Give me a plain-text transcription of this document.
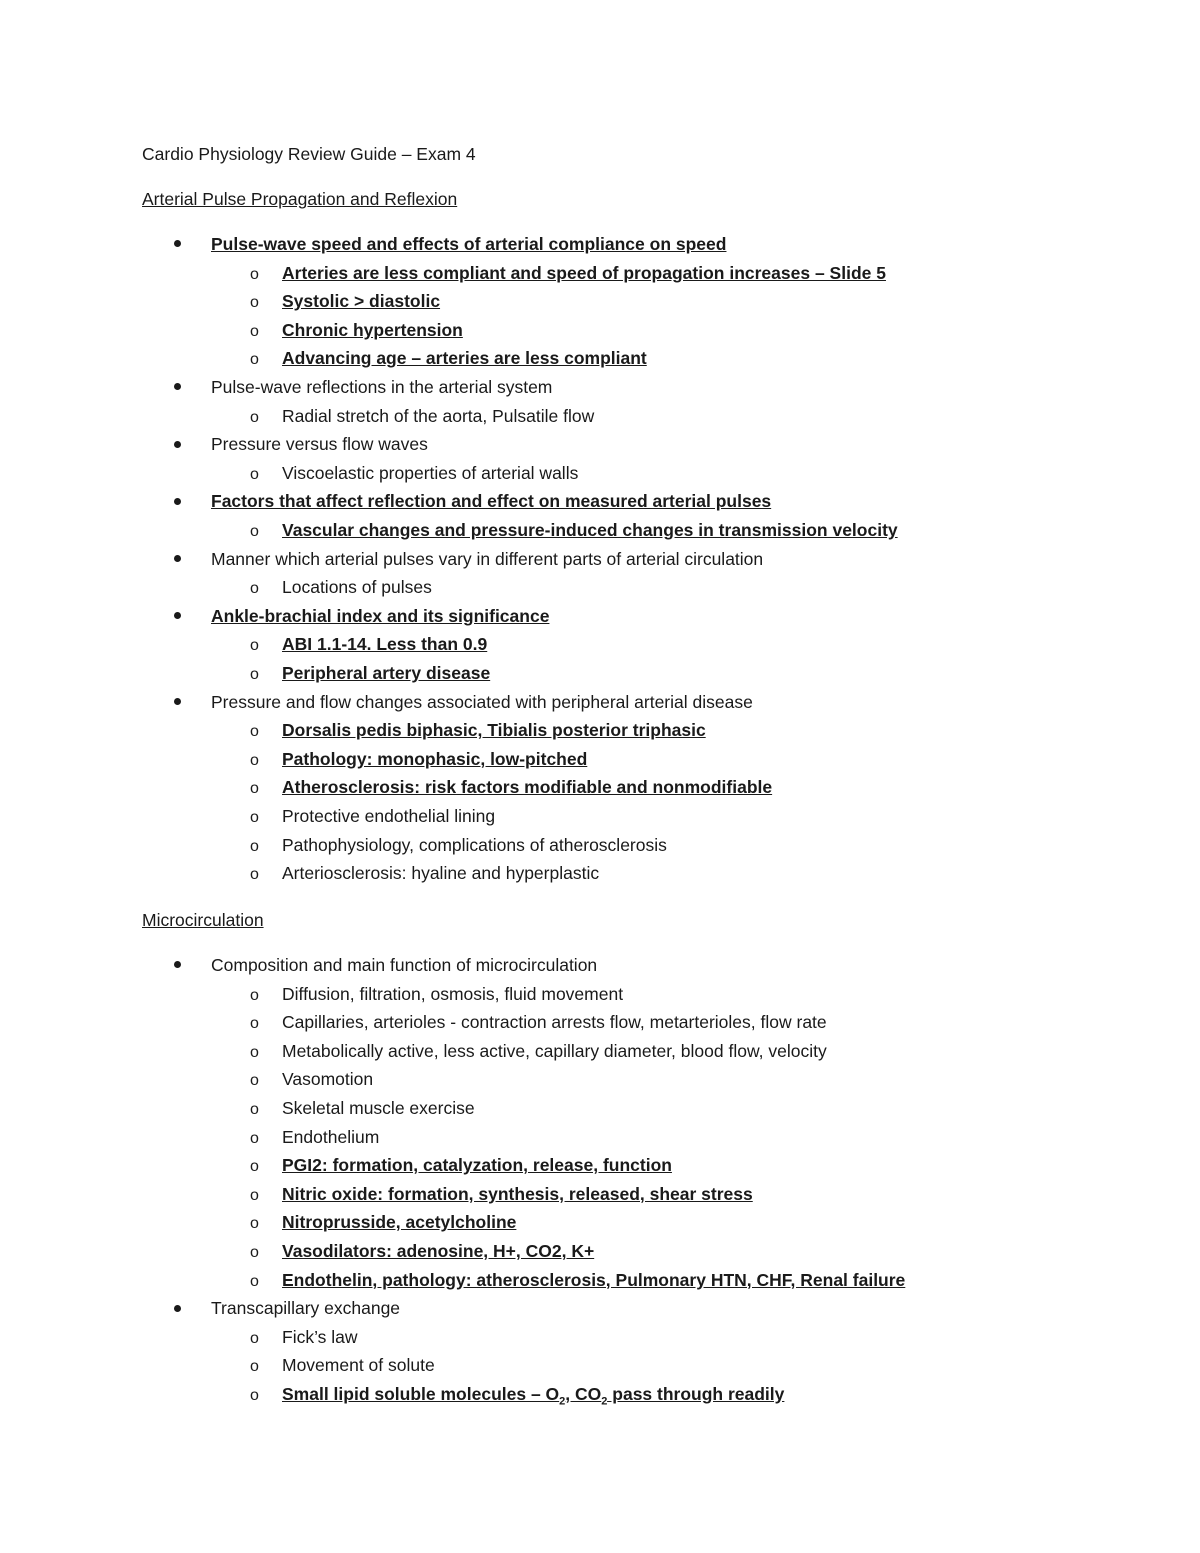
Cardio Physiology Review Guide – Exam 4
Arterial Pulse Propagation and Reflexion
Pulse-wave speed and effects of arterial compliance on speed
o Arteries are less compliant and speed of propagation increases – Slide 5
o Systolic > diastolic
o Chronic hypertension
o Advancing age – arteries are less compliant
Pulse-wave reflections in the arterial system
o Radial stretch of the aorta, Pulsatile flow
Pressure versus flow waves
o Viscoelastic properties of arterial walls
Factors that affect reflection and effect on measured arterial pulses
o Vascular changes and pressure-induced changes in transmission velocity
Manner which arterial pulses vary in different parts of arterial circulation
o Locations of pulses
Ankle-brachial index and its significance
o ABI 1.1-14. Less than 0.9
o Peripheral artery disease
Pressure and flow changes associated with peripheral arterial disease
o Dorsalis pedis biphasic, Tibialis posterior triphasic
o Pathology: monophasic, low-pitched
o Atherosclerosis: risk factors modifiable and nonmodifiable
o Protective endothelial lining
o Pathophysiology, complications of atherosclerosis
o Arteriosclerosis: hyaline and hyperplastic
Microcirculation
Composition and main function of microcirculation
o Diffusion, filtration, osmosis, fluid movement
o Capillaries, arterioles - contraction arrests flow, metarterioles, flow rate
o Metabolically active, less active, capillary diameter, blood flow, velocity
o Vasomotion
o Skeletal muscle exercise
o Endothelium
o PGI2: formation, catalyzation, release, function
o Nitric oxide: formation, synthesis, released, shear stress
o Nitroprusside, acetylcholine
o Vasodilators: adenosine, H+, CO2, K+
o Endothelin, pathology: atherosclerosis, Pulmonary HTN, CHF, Renal failure
Transcapillary exchange
o Fick’s law
o Movement of solute
o Small lipid soluble molecules – $O_2$, $CO_2$ pass through readily
